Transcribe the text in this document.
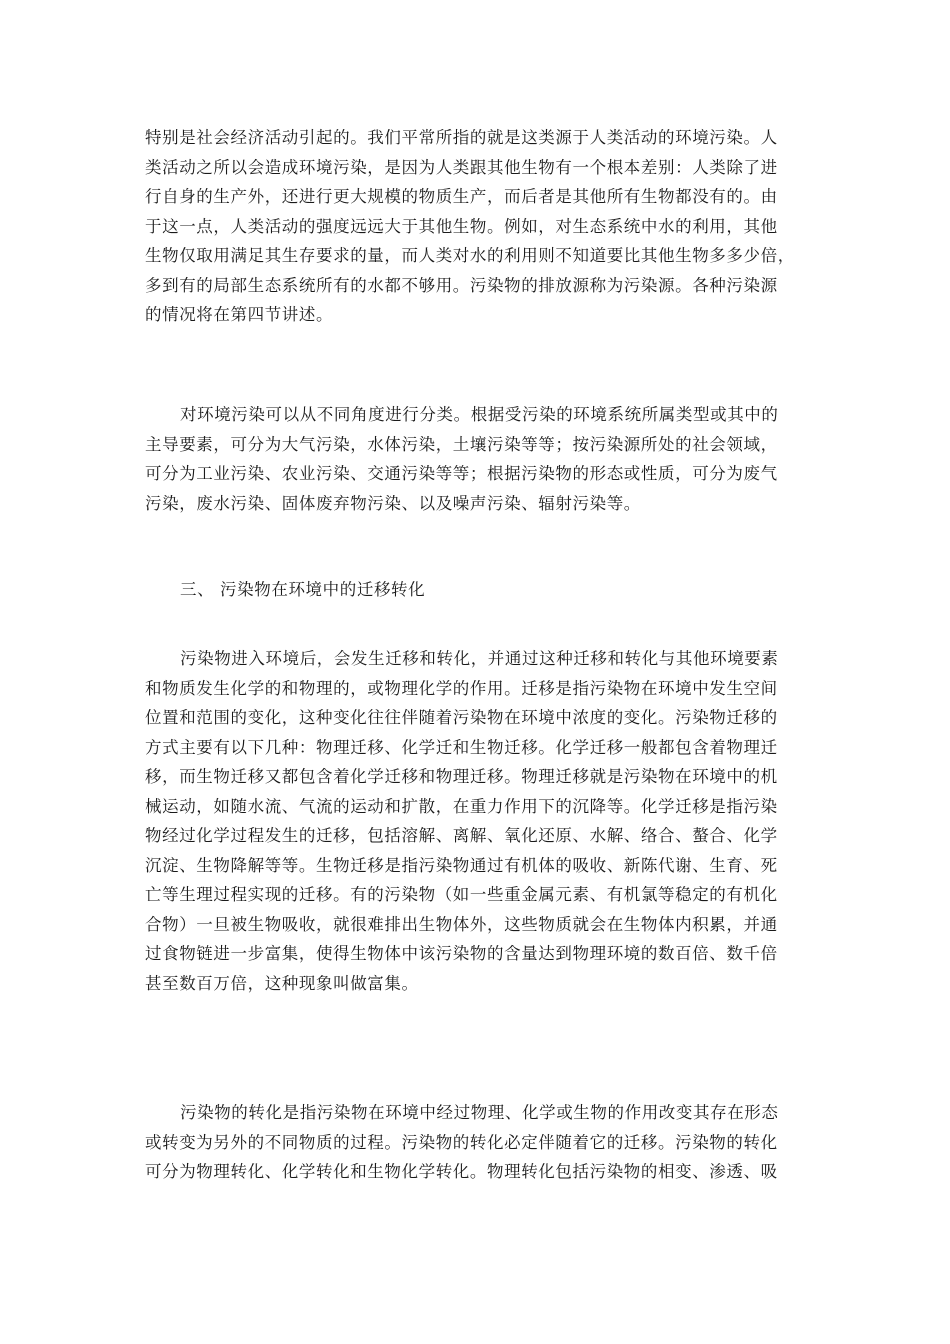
特别是社会经济活动引起的。我们平常所指的就是这类源于人类活动的环境污染。人
类活动之所以会造成环境污染，是因为人类跟其他生物有一个根本差别：人类除了进
行自身的生产外，还进行更大规模的物质生产，而后者是其他所有生物都没有的。由
于这一点，人类活动的强度远远大于其他生物。例如，对生态系统中水的利用，其他
生物仅取用满足其生存要求的量，而人类对水的利用则不知道要比其他生物多多少倍，
多到有的局部生态系统所有的水都不够用。污染物的排放源称为污染源。各种污染源
的情况将在第四节讲述。
对环境污染可以从不同角度进行分类。根据受污染的环境系统所属类型或其中的
主导要素，可分为大气污染，水体污染，土壤污染等等；按污染源所处的社会领域，
可分为工业污染、农业污染、交通污染等等；根据污染物的形态或性质，可分为废气
污染，废水污染、固体废弃物污染、以及噪声污染、辐射污染等。
三、 污染物在环境中的迁移转化
污染物进入环境后，会发生迁移和转化，并通过这种迁移和转化与其他环境要素
和物质发生化学的和物理的，或物理化学的作用。迁移是指污染物在环境中发生空间
位置和范围的变化，这种变化往往伴随着污染物在环境中浓度的变化。污染物迁移的
方式主要有以下几种：物理迁移、化学迁和生物迁移。化学迁移一般都包含着物理迁
移，而生物迁移又都包含着化学迁移和物理迁移。物理迁移就是污染物在环境中的机
械运动，如随水流、气流的运动和扩散，在重力作用下的沉降等。化学迁移是指污染
物经过化学过程发生的迁移，包括溶解、离解、氧化还原、水解、络合、螯合、化学
沉淀、生物降解等等。生物迁移是指污染物通过有机体的吸收、新陈代谢、生育、死
亡等生理过程实现的迁移。有的污染物（如一些重金属元素、有机氯等稳定的有机化
合物）一旦被生物吸收，就很难排出生物体外，这些物质就会在生物体内积累，并通
过食物链进一步富集，使得生物体中该污染物的含量达到物理环境的数百倍、数千倍
甚至数百万倍，这种现象叫做富集。
污染物的转化是指污染物在环境中经过物理、化学或生物的作用改变其存在形态
或转变为另外的不同物质的过程。污染物的转化必定伴随着它的迁移。污染物的转化
可分为物理转化、化学转化和生物化学转化。物理转化包括污染物的相变、渗透、吸
